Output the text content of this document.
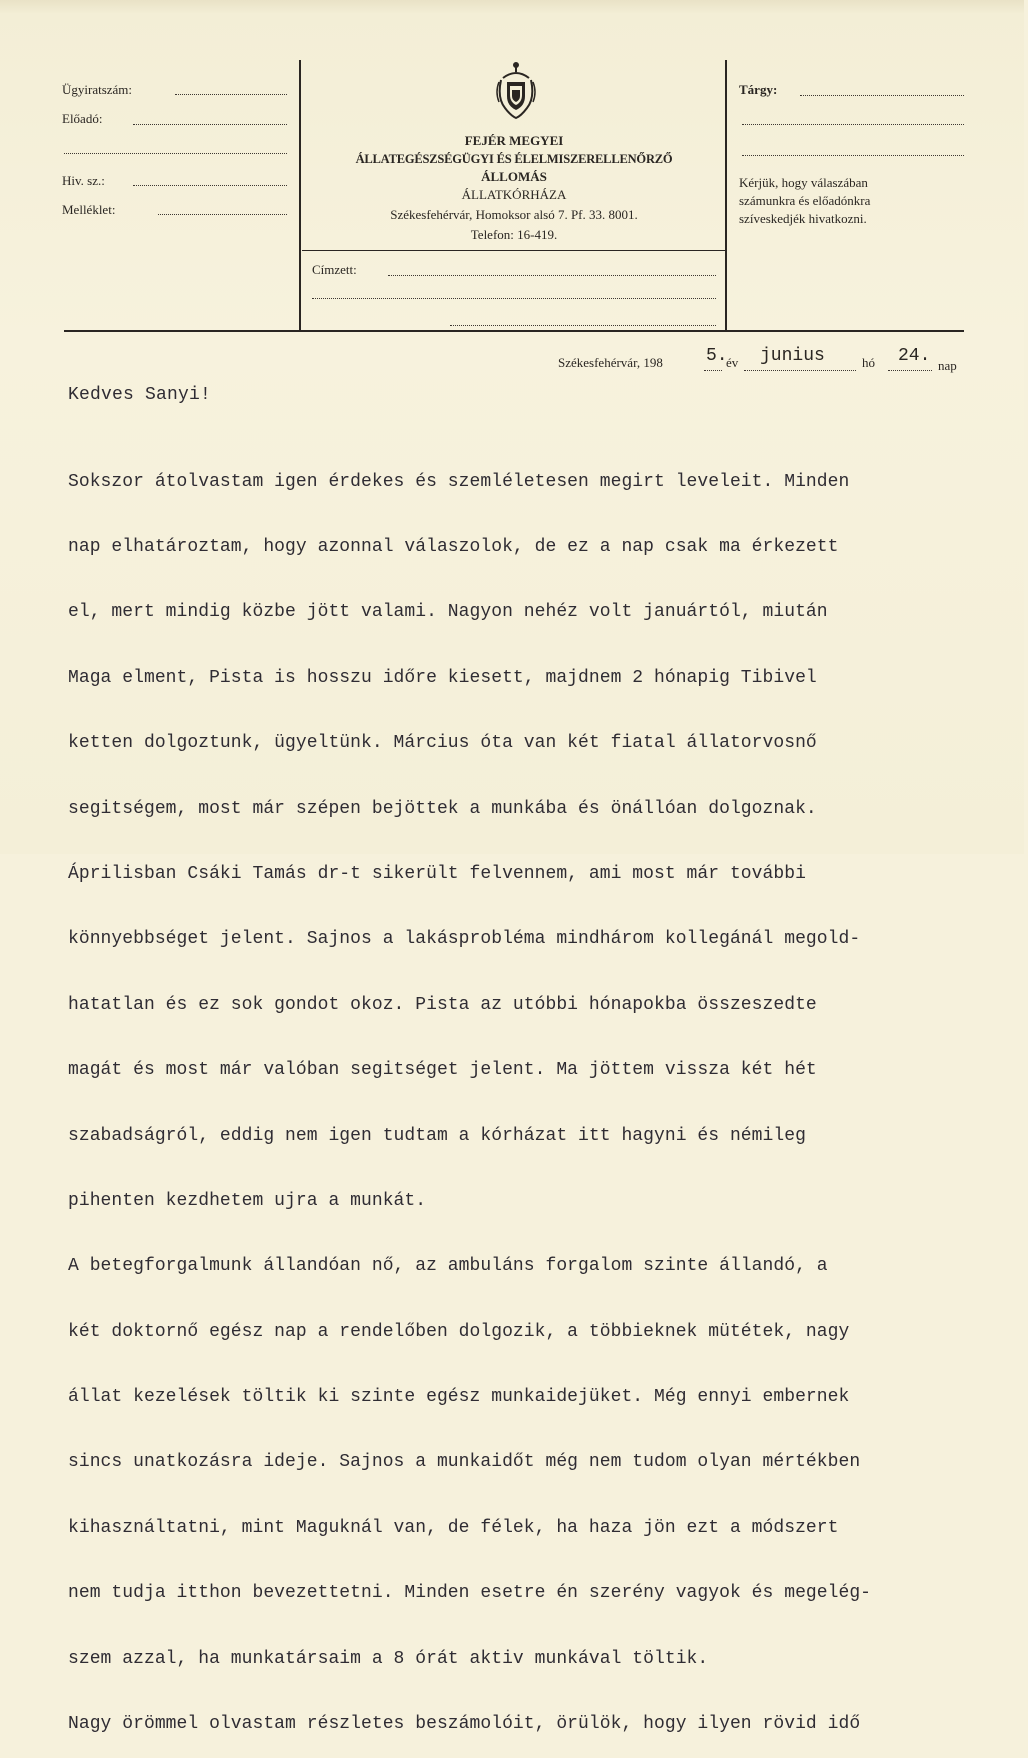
Ügyiratszám:
Előadó:
Hiv. sz.:
Melléklet:
FEJÉR MEGYEI
ÁLLATEGÉSZSÉGÜGYI ÉS ÉLELMISZERELLENŐRZŐ
ÁLLOMÁS
ÁLLATKÓRHÁZA
Székesfehérvár, Homoksor alsó 7. Pf. 33. 8001.
Telefon: 16-419.
Címzett:
Tárgy:
Kérjük, hogy válaszában
számunkra és előadónkra
szíveskedjék hivatkozni.
Székesfehérvár, 198 5.
év junius	hó 24. nap
Kedves Sanyi!

Sokszor átolvastam igen érdekes és szemléletesen megirt leveleit. Minden

nap elhatároztam, hogy azonnal válaszolok, de ez a nap csak ma érkezett

el, mert mindig közbe jött valami. Nagyon nehéz volt januártól, miután

Maga elment, Pista is hosszu időre kiesett, majdnem 2 hónapig Tibivel

ketten dolgoztunk, ügyeltünk. Március óta van két fiatal állatorvosnő

segitségem, most már szépen bejöttek a munkába és önállóan dolgoznak.

Áprilisban Csáki Tamás dr-t sikerült felvennem, ami most már további

könnyebbséget jelent. Sajnos a lakásprobléma mindhárom kollegánál megold-

hatatlan és ez sok gondot okoz. Pista az utóbbi hónapokba összeszedte

magát és most már valóban segitséget jelent. Ma jöttem vissza két hét

szabadságról, eddig nem igen tudtam a kórházat itt hagyni és némileg

pihenten kezdhetem ujra a munkát.

A betegforgalmunk állandóan nő, az ambuláns forgalom szinte állandó, a

két doktornő egész nap a rendelőben dolgozik, a többieknek mütétek, nagy

állat kezelések töltik ki szinte egész munkaidejüket. Még ennyi embernek

sincs unatkozásra ideje. Sajnos a munkaidőt még nem tudom olyan mértékben

kihasználtatni, mint Maguknál van, de félek, ha haza jön ezt a módszert

nem tudja itthon bevezettetni. Minden esetre én szerény vagyok és megelég-

szem azzal, ha munkatársaim a 8 órát aktiv munkával töltik.

Nagy örömmel olvastam részletes beszámolóit, örülök, hogy ilyen rövid idő
